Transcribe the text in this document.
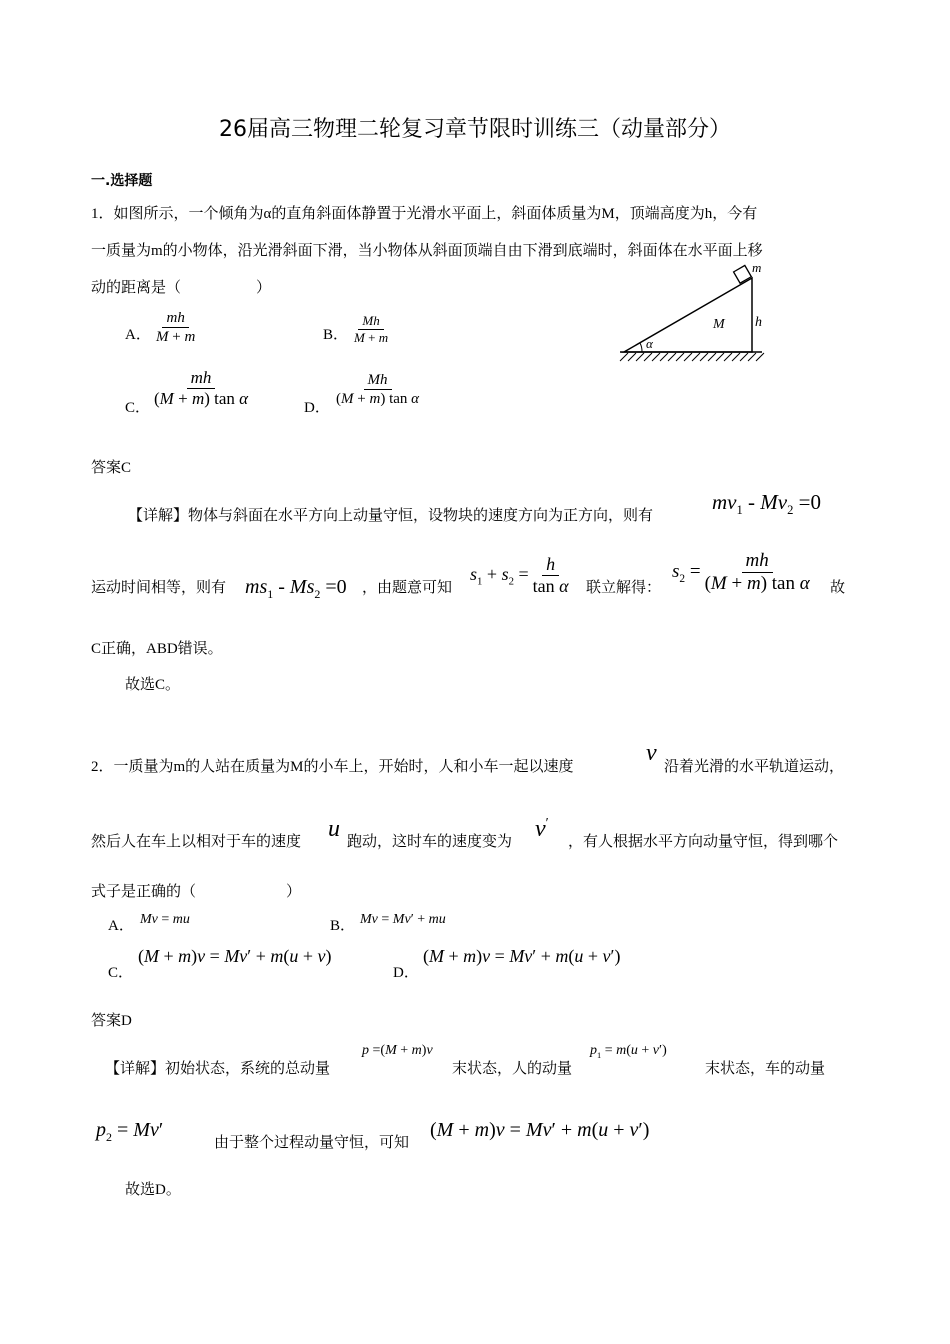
26届高三物理二轮复习章节限时训练三（动量部分）
一.选择题
1．如图所示，一个倾角为α的直角斜面体静置于光滑水平面上，斜面体质量为M，顶端高度为h，今有
一质量为m的小物体，沿光滑斜面下滑，当小物体从斜面顶端自由下滑到底端时，斜面体在水平面上移
动的距离是（　　　　　）
A． $\frac{mh}{M + m}$	B． $\frac{Mh}{M + m}$
C． $\frac{mh}{\text{(M + m) tan α}}$	D． $\frac{Mh}{\text{(M + m) tan α}}$
m
M h
α
答案C
【详解】物体与斜面在水平方向上动量守恒，设物块的速度方向为正方向，则有
$mv_1 - Mv_2 =0$
运动时间相等，则有 $ms_1 - Ms_2 =0$ ，由题意可知
$s_1 + s_2 = \frac{h}{\text{tan α}}$ 联立解得：
$s_2 = \frac{mh}{\text{(M + m) tan α}}$ 故
C正确，ABD错误。
故选C。
2．一质量为m的人站在质量为M的小车上，开始时，人和小车一起以速度
v
沿着光滑的水平轨道运动，
然后人在车上以相对于车的速度 u 跑动，这时车的速度变为 v′
，有人根据水平方向动量守恒，得到哪个
式子是正确的（　　　　　　）
A． Mv = mu	B． Mv = Mv′ + mu
C．
(M + m)v = Mv′ + m(u + v)
D．
(M + m)v = Mv′ + m(u + v′)
答案D
【详解】初始状态，系统的总动量
p =(M + m)v
末状态，人的动量
$p_1 = m(u + v')$
末状态，车的动量
$p_2 = Mv'$
由于整个过程动量守恒，可知
(M + m)v = Mv′ + m(u + v′)
故选D。
